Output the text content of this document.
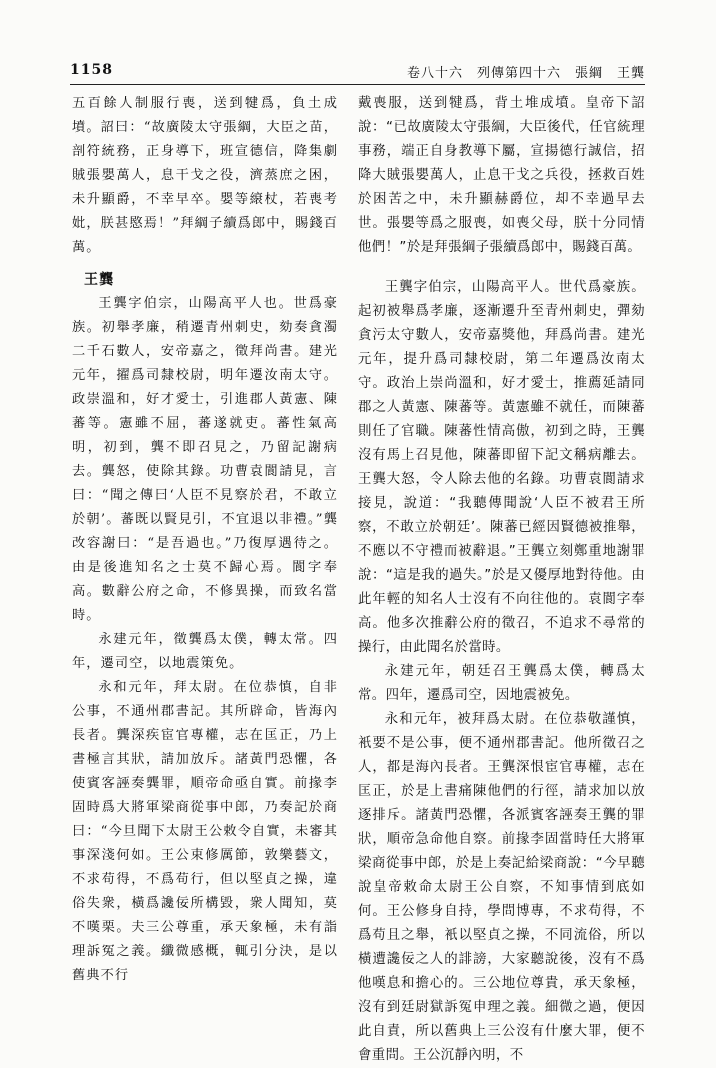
1158	卷八十六　列傳第四十六　張綱　王龔

五百餘人制服行喪，送到犍爲，負土成墳。詔曰：“故廣陵太守張綱，大臣之苗，剖符統務，正身導下，班宣德信，降集劇賊張嬰萬人，息干戈之役，濟蒸庶之困，未升顯爵，不幸早卒。嬰等縗杖，若喪考妣，朕甚愍焉！”拜綱子續爲郎中，賜錢百萬。

王龔

王龔字伯宗，山陽高平人也。世爲豪族。初舉孝廉，稍遷青州刺史，劾奏貪濁二千石數人，安帝嘉之，徵拜尚書。建光元年，擢爲司隸校尉，明年遷汝南太守。政崇溫和，好才愛士，引進郡人黃憲、陳蕃等。憲雖不屈，蕃遂就吏。蕃性氣高明，初到，龔不即召見之，乃留記謝病去。龔怒，使除其錄。功曹袁閬請見，言曰：“聞之傳曰‘人臣不見察於君，不敢立於朝’。蕃既以賢見引，不宜退以非禮。”龔改容謝曰：“是吾過也。”乃復厚遇待之。由是後進知名之士莫不歸心焉。閬字奉高。數辭公府之命，不修異操，而致名當時。

永建元年，徵龔爲太僕，轉太常。四年，遷司空，以地震策免。

永和元年，拜太尉。在位恭慎，自非公事，不通州郡書記。其所辟命，皆海內長者。龔深疾宦官專權，志在匡正，乃上書極言其狀，請加放斥。諸黃門恐懼，各使賓客誣奏龔罪，順帝命亟自實。前掾李固時爲大將軍梁商從事中郎，乃奏記於商曰：“今旦聞下太尉王公敕令自實，未審其事深淺何如。王公束修厲節，敦樂藝文，不求苟得，不爲苟行，但以堅貞之操，違俗失衆，橫爲讒佞所構毀，衆人聞知，莫不嘆栗。夫三公尊重，承天象極，未有詣理訴冤之義。纖微感概，輒引分決，是以舊典不行

戴喪服，送到犍爲，背土堆成墳。皇帝下詔說：“已故廣陵太守張綱，大臣後代，任官統理事務，端正自身教導下屬，宣揚德行誠信，招降大賊張嬰萬人，止息干戈之兵役，拯救百姓於困苦之中，未升顯赫爵位，却不幸過早去世。張嬰等爲之服喪，如喪父母，朕十分同情他們！”於是拜張綱子張續爲郎中，賜錢百萬。

王龔字伯宗，山陽高平人。世代爲豪族。起初被舉爲孝廉，逐漸遷升至青州刺史，彈劾貪污太守數人，安帝嘉獎他，拜爲尚書。建光元年，提升爲司隸校尉，第二年遷爲汝南太守。政治上崇尚溫和，好才愛士，推薦延請同郡之人黃憲、陳蕃等。黃憲雖不就任，而陳蕃則任了官職。陳蕃性情高傲，初到之時，王龔沒有馬上召見他，陳蕃即留下記文稱病離去。王龔大怒，令人除去他的名錄。功曹袁閬請求接見，說道：“我聽傳聞說‘人臣不被君王所察，不敢立於朝廷’。陳蕃已經因賢德被推舉，不應以不守禮而被辭退。”王龔立刻鄭重地謝罪說：“這是我的過失。”於是又優厚地對待他。由此年輕的知名人士沒有不向往他的。袁閬字奉高。他多次推辭公府的徵召，不追求不尋常的操行，由此聞名於當時。

永建元年，朝廷召王龔爲太僕，轉爲太常。四年，遷爲司空，因地震被免。

永和元年，被拜爲太尉。在位恭敬謹慎，衹要不是公事，便不通州郡書記。他所徵召之人，都是海內長者。王龔深恨宦官專權，志在匡正，於是上書痛陳他們的行徑，請求加以放逐排斥。諸黃門恐懼，各派賓客誣奏王龔的罪狀，順帝急命他自察。前掾李固當時任大將軍梁商從事中郎，於是上奏記給梁商說：“今早聽說皇帝敕命太尉王公自察，不知事情到底如何。王公修身自持，學問博專，不求苟得，不爲苟且之舉，衹以堅貞之操，不同流俗，所以橫遭讒佞之人的誹謗，大家聽說後，沒有不爲他嘆息和擔心的。三公地位尊貴，承天象極，沒有到廷尉獄訴冤申理之義。細微之過，便因此自責，所以舊典上三公沒有什麼大罪，便不會重問。王公沉靜內明，不
